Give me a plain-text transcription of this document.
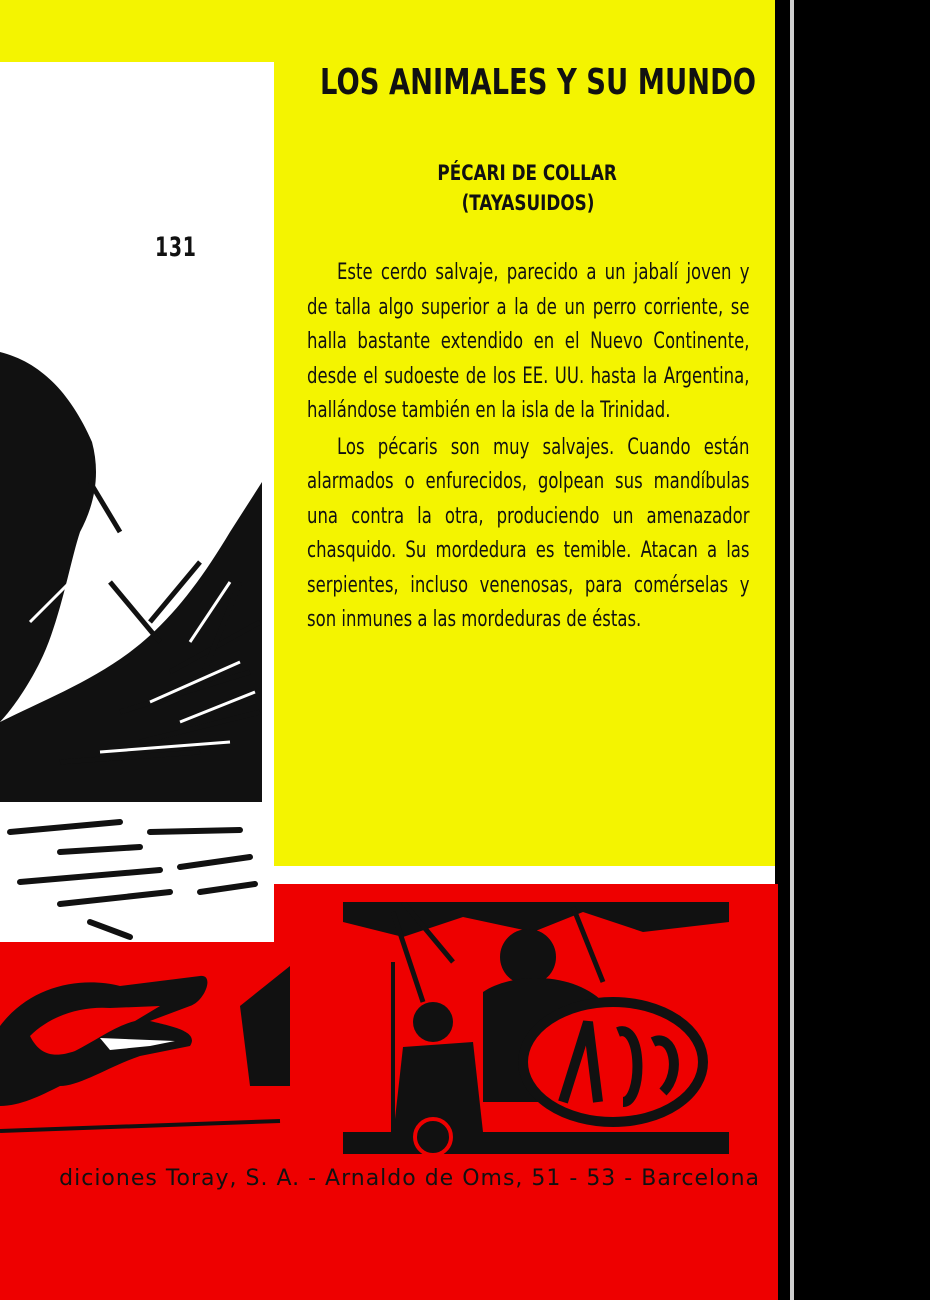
131
LOS ANIMALES Y SU MUNDO
PÉCARI DE COLLAR
(TAYASUIDOS)

Este cerdo salvaje, parecido a un jabalí joven y de talla algo superior a la de un perro corriente, se halla bastante extendido en el Nuevo Continente, desde el sudoeste de los EE. UU. hasta la Argentina, hallándose también en la isla de la Trinidad.

Los pécaris son muy salvajes. Cuando están alarmados o enfurecidos, golpean sus mandíbulas una contra la otra, produciendo un amenazador chasquido. Su mordedura es temible. Atacan a las serpientes, incluso venenosas, para comérselas y son inmunes a las mordeduras de éstas.

diciones Toray, S. A. - Arnaldo de Oms, 51 - 53 - Barcelona
